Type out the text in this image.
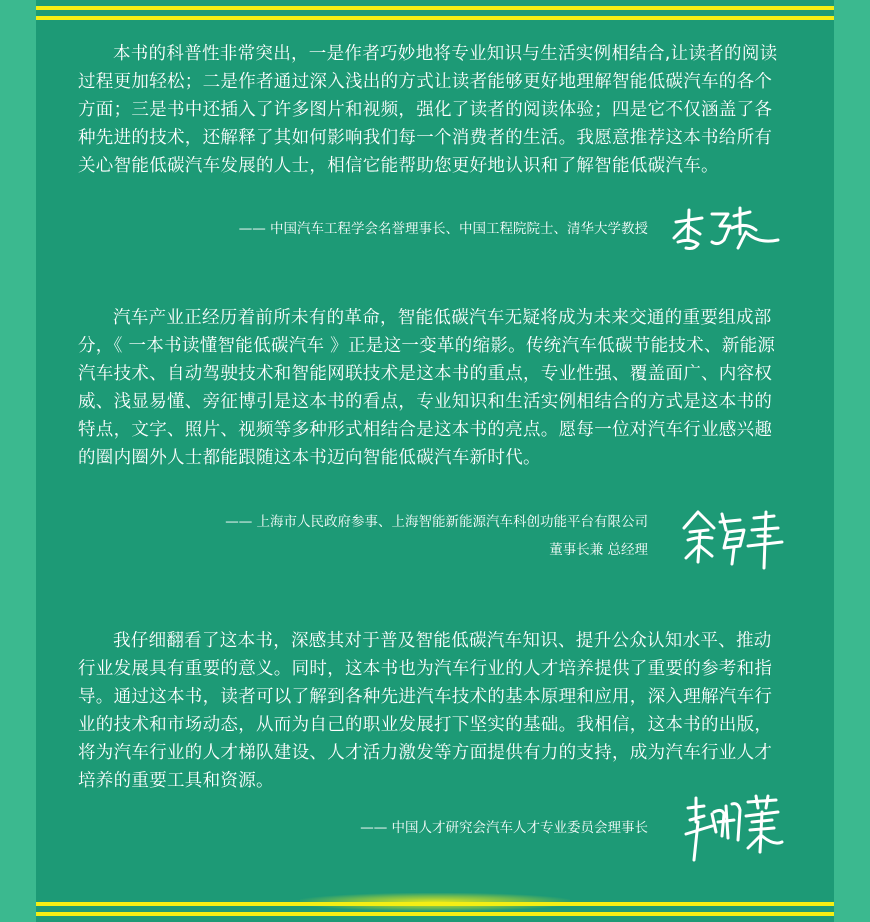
本书的科普性非常突出，一是作者巧妙地将专业知识与生活实例相结合,让读者的阅读过程更加轻松；二是作者通过深入浅出的方式让读者能够更好地理解智能低碳汽车的各个方面；三是书中还插入了许多图片和视频，强化了读者的阅读体验；四是它不仅涵盖了各种先进的技术，还解释了其如何影响我们每一个消费者的生活。我愿意推荐这本书给所有关心智能低碳汽车发展的人士，相信它能帮助您更好地认识和了解智能低碳汽车。

—— 中国汽车工程学会名誉理事长、中国工程院院士、清华大学教授

汽车产业正经历着前所未有的革命，智能低碳汽车无疑将成为未来交通的重要组成部分，《 一本书读懂智能低碳汽车 》正是这一变革的缩影。传统汽车低碳节能技术、新能源汽车技术、自动驾驶技术和智能网联技术是这本书的重点，专业性强、覆盖面广、内容权威、浅显易懂、旁征博引是这本书的看点，专业知识和生活实例相结合的方式是这本书的特点，文字、照片、视频等多种形式相结合是这本书的亮点。愿每一位对汽车行业感兴趣的圈内圈外人士都能跟随这本书迈向智能低碳汽车新时代。

—— 上海市人民政府参事、上海智能新能源汽车科创功能平台有限公司
董事长兼 总经理

我仔细翻看了这本书，深感其对于普及智能低碳汽车知识、提升公众认知水平、推动行业发展具有重要的意义。同时，这本书也为汽车行业的人才培养提供了重要的参考和指导。通过这本书，读者可以了解到各种先进汽车技术的基本原理和应用，深入理解汽车行业的技术和市场动态，从而为自己的职业发展打下坚实的基础。我相信，这本书的出版，将为汽车行业的人才梯队建设、人才活力激发等方面提供有力的支持，成为汽车行业人才培养的重要工具和资源。

—— 中国人才研究会汽车人才专业委员会理事长
